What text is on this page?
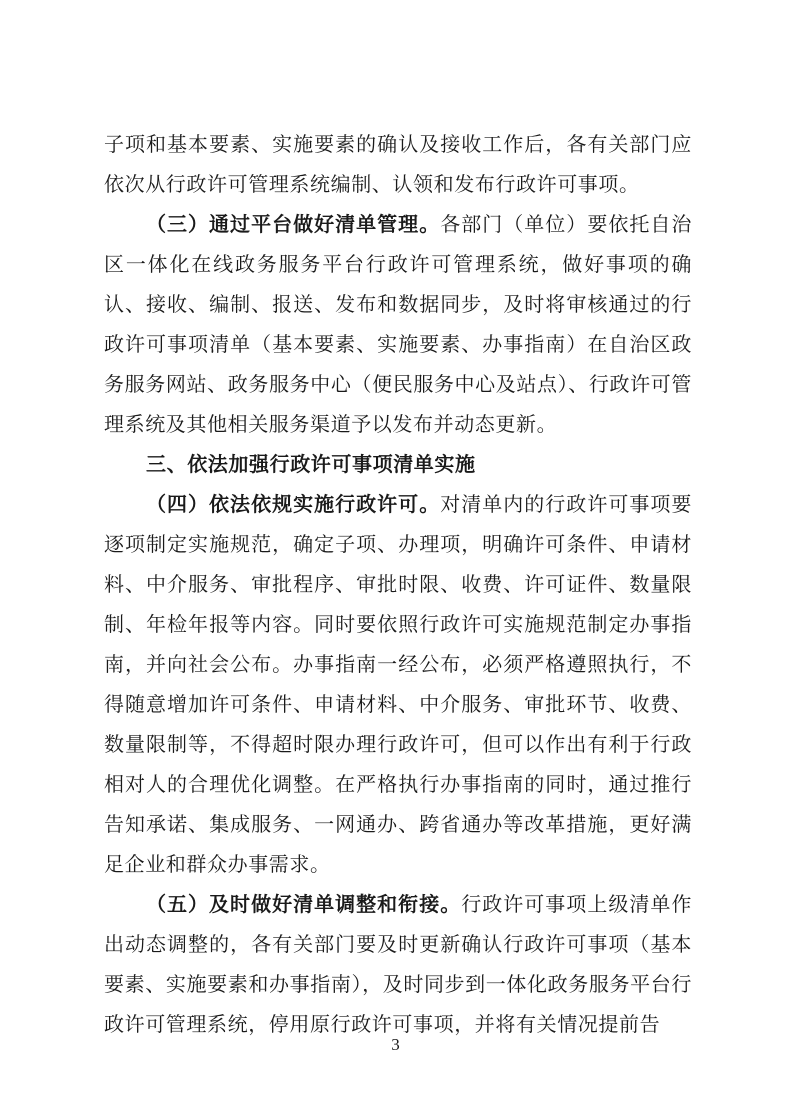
子项和基本要素、实施要素的确认及接收工作后，各有关部门应依次从行政许可管理系统编制、认领和发布行政许可事项。

（三）通过平台做好清单管理。各部门（单位）要依托自治区一体化在线政务服务平台行政许可管理系统，做好事项的确认、接收、编制、报送、发布和数据同步，及时将审核通过的行政许可事项清单（基本要素、实施要素、办事指南）在自治区政务服务网站、政务服务中心（便民服务中心及站点）、行政许可管理系统及其他相关服务渠道予以发布并动态更新。

三、依法加强行政许可事项清单实施

（四）依法依规实施行政许可。对清单内的行政许可事项要逐项制定实施规范，确定子项、办理项，明确许可条件、申请材料、中介服务、审批程序、审批时限、收费、许可证件、数量限制、年检年报等内容。同时要依照行政许可实施规范制定办事指南，并向社会公布。办事指南一经公布，必须严格遵照执行，不得随意增加许可条件、申请材料、中介服务、审批环节、收费、数量限制等，不得超时限办理行政许可，但可以作出有利于行政相对人的合理优化调整。在严格执行办事指南的同时，通过推行告知承诺、集成服务、一网通办、跨省通办等改革措施，更好满足企业和群众办事需求。

（五）及时做好清单调整和衔接。行政许可事项上级清单作出动态调整的，各有关部门要及时更新确认行政许可事项（基本要素、实施要素和办事指南），及时同步到一体化政务服务平台行政许可管理系统，停用原行政许可事项，并将有关情况提前告

3
